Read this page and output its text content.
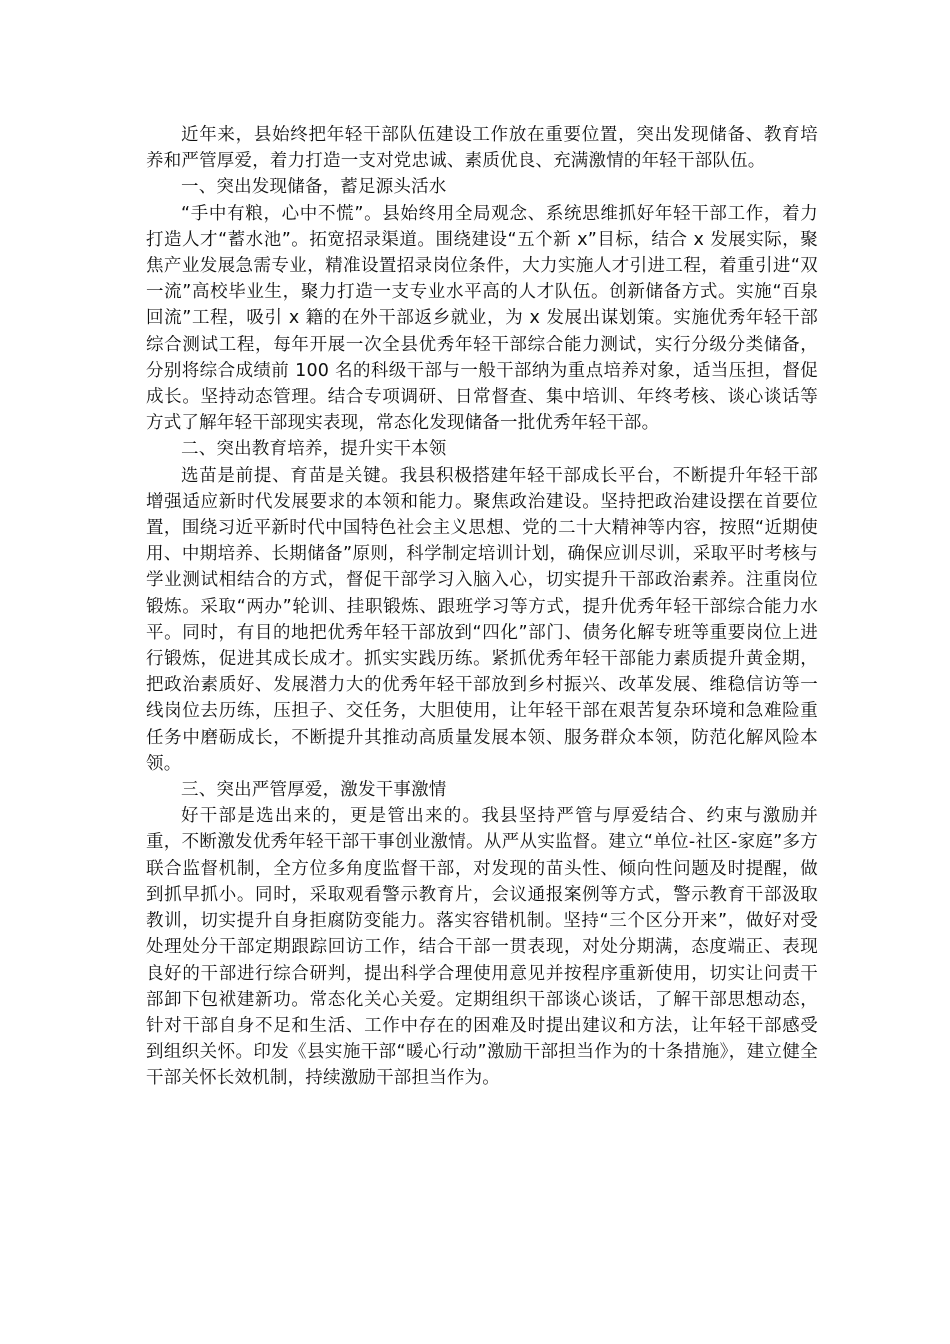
近年来，县始终把年轻干部队伍建设工作放在重要位置，突出发现储备、教育培养和严管厚爱，着力打造一支对党忠诚、素质优良、充满激情的年轻干部队伍。

一、突出发现储备，蓄足源头活水

“手中有粮，心中不慌”。县始终用全局观念、系统思维抓好年轻干部工作，着力打造人才“蓄水池”。拓宽招录渠道。围绕建设“五个新 x”目标，结合 x 发展实际，聚焦产业发展急需专业，精准设置招录岗位条件，大力实施人才引进工程，着重引进“双一流”高校毕业生，聚力打造一支专业水平高的人才队伍。创新储备方式。实施“百泉回流”工程，吸引 x 籍的在外干部返乡就业，为 x 发展出谋划策。实施优秀年轻干部综合测试工程，每年开展一次全县优秀年轻干部综合能力测试，实行分级分类储备，分别将综合成绩前 100 名的科级干部与一般干部纳为重点培养对象，适当压担，督促成长。坚持动态管理。结合专项调研、日常督查、集中培训、年终考核、谈心谈话等方式了解年轻干部现实表现，常态化发现储备一批优秀年轻干部。

二、突出教育培养，提升实干本领

选苗是前提、育苗是关键。我县积极搭建年轻干部成长平台，不断提升年轻干部增强适应新时代发展要求的本领和能力。聚焦政治建设。坚持把政治建设摆在首要位置，围绕习近平新时代中国特色社会主义思想、党的二十大精神等内容，按照“近期使用、中期培养、长期储备”原则，科学制定培训计划，确保应训尽训，采取平时考核与学业测试相结合的方式，督促干部学习入脑入心，切实提升干部政治素养。注重岗位锻炼。采取“两办”轮训、挂职锻炼、跟班学习等方式，提升优秀年轻干部综合能力水平。同时，有目的地把优秀年轻干部放到“四化”部门、债务化解专班等重要岗位上进行锻炼，促进其成长成才。抓实实践历练。紧抓优秀年轻干部能力素质提升黄金期，把政治素质好、发展潜力大的优秀年轻干部放到乡村振兴、改革发展、维稳信访等一线岗位去历练，压担子、交任务，大胆使用，让年轻干部在艰苦复杂环境和急难险重任务中磨砺成长，不断提升其推动高质量发展本领、服务群众本领，防范化解风险本领。

三、突出严管厚爱，激发干事激情

好干部是选出来的，更是管出来的。我县坚持严管与厚爱结合、约束与激励并重，不断激发优秀年轻干部干事创业激情。从严从实监督。建立“单位-社区-家庭”多方联合监督机制，全方位多角度监督干部，对发现的苗头性、倾向性问题及时提醒，做到抓早抓小。同时，采取观看警示教育片，会议通报案例等方式，警示教育干部汲取教训，切实提升自身拒腐防变能力。落实容错机制。坚持“三个区分开来”，做好对受处理处分干部定期跟踪回访工作，结合干部一贯表现，对处分期满，态度端正、表现良好的干部进行综合研判，提出科学合理使用意见并按程序重新使用，切实让问责干部卸下包袱建新功。常态化关心关爱。定期组织干部谈心谈话，了解干部思想动态，针对干部自身不足和生活、工作中存在的困难及时提出建议和方法，让年轻干部感受到组织关怀。印发《县实施干部“暖心行动”激励干部担当作为的十条措施》，建立健全干部关怀长效机制，持续激励干部担当作为。
